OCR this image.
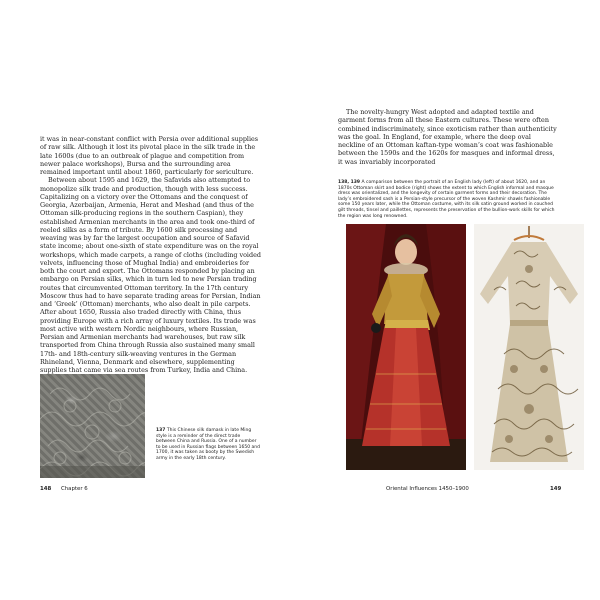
it was in near-constant conflict with Persia over additional supplies of raw silk. Although it lost its pivotal place in the silk trade in the late 1600s (due to an outbreak of plague and competition from newer palace workshops), Bursa and the surrounding area remained important until about 1860, particularly for sericulture.

Between about 1595 and 1629, the Safavids also attempted to monopolize silk trade and production, though with less success. Capitalizing on a victory over the Ottomans and the conquest of Georgia, Azerbaijan, Armenia, Herat and Meshad (and thus of the Ottoman silk-producing regions in the southern Caspian), they established Armenian merchants in the area and took one-third of reeled silks as a form of tribute. By 1600 silk processing and weaving was by far the largest occupation and source of Safavid state income; about one-sixth of state expenditure was on the royal workshops, which made carpets, a range of cloths (including voided velvets, influencing those of Mughal India) and embroideries for both the court and export. The Ottomans responded by placing an embargo on Persian silks, which in turn led to new Persian trading routes that circumvented Ottoman territory. In the 17th century Moscow thus had to have separate trading areas for Persian, Indian and ‘Greek’ (Ottoman) merchants, who also dealt in pile carpets. After about 1650, Russia also traded directly with China, thus providing Europe with a rich array of luxury textiles. Its trade was most active with western Nordic neighbours, where Russian, Persian and Armenian merchants had warehouses, but raw silk transported from China through Russia also sustained many small 17th- and 18th-century silk-weaving ventures in the German Rhineland, Vienna, Denmark and elsewhere, supplementing supplies that came via sea routes from Turkey, India and China.

137 This Chinese silk damask in late Ming style is a reminder of the direct trade between China and Russia. One of a number to be used in Russian flags between 1650 and 1700, it was taken as booty by the Swedish army in the early 18th century.
148 Chapter 6

The novelty-hungry West adopted and adapted textile and garment forms from all these Eastern cultures. These were often combined indiscriminately, since exoticism rather than authenticity was the goal. In England, for example, where the deep oval neckline of an Ottoman kaftan-type woman’s coat was fashionable between the 1590s and the 1620s for masques and informal dress, it was invariably incorporated

138, 139 A comparison between the portrait of an English lady (left) of about 1620, and an 1870s Ottoman skirt and bodice (right) shows the extent to which English informal and masque dress was orientalized, and the longevity of certain garment forms and their decoration. The lady’s embroidered sash is a Persian-style precursor of the woven Kashmir shawls fashionable some 150 years later, while the Ottoman costume, with its silk satin ground worked in couched gilt threads, tinsel and paillettes, represents the preservation of the bullion-work skills for which the region was long renowned.
Oriental Influences 1450–1900	149
